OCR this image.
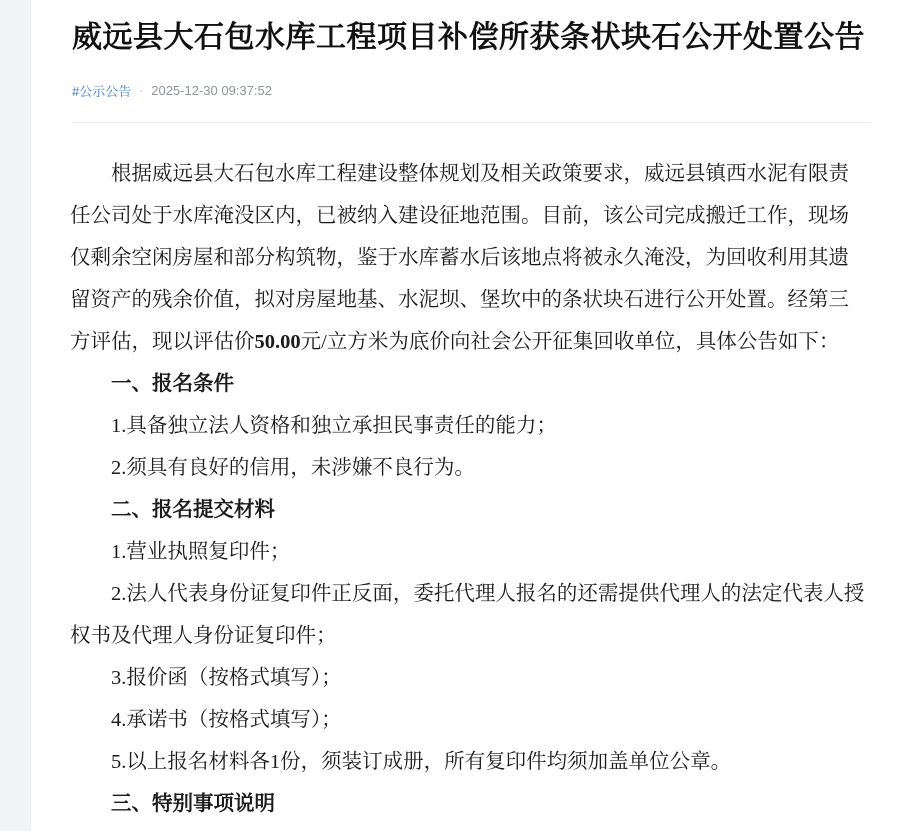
威远县大石包水库工程项目补偿所获条状块石公开处置公告
#公示公告 · 2025-12-30 09:37:52

根据威远县大石包水库工程建设整体规划及相关政策要求，威远县镇西水泥有限责任公司处于水库淹没区内，已被纳入建设征地范围。目前，该公司完成搬迁工作，现场仅剩余空闲房屋和部分构筑物，鉴于水库蓄水后该地点将被永久淹没，为回收利用其遗留资产的残余价值，拟对房屋地基、水泥坝、堡坎中的条状块石进行公开处置。经第三方评估，现以评估价50.00元/立方米为底价向社会公开征集回收单位，具体公告如下：

一、报名条件

1.具备独立法人资格和独立承担民事责任的能力；

2.须具有良好的信用，未涉嫌不良行为。

二、报名提交材料

1.营业执照复印件；

2.法人代表身份证复印件正反面，委托代理人报名的还需提供代理人的法定代表人授权书及代理人身份证复印件；

3.报价函（按格式填写）；

4.承诺书（按格式填写）；

5.以上报名材料各1份，须装订成册，所有复印件均须加盖单位公章。

三、特别事项说明
